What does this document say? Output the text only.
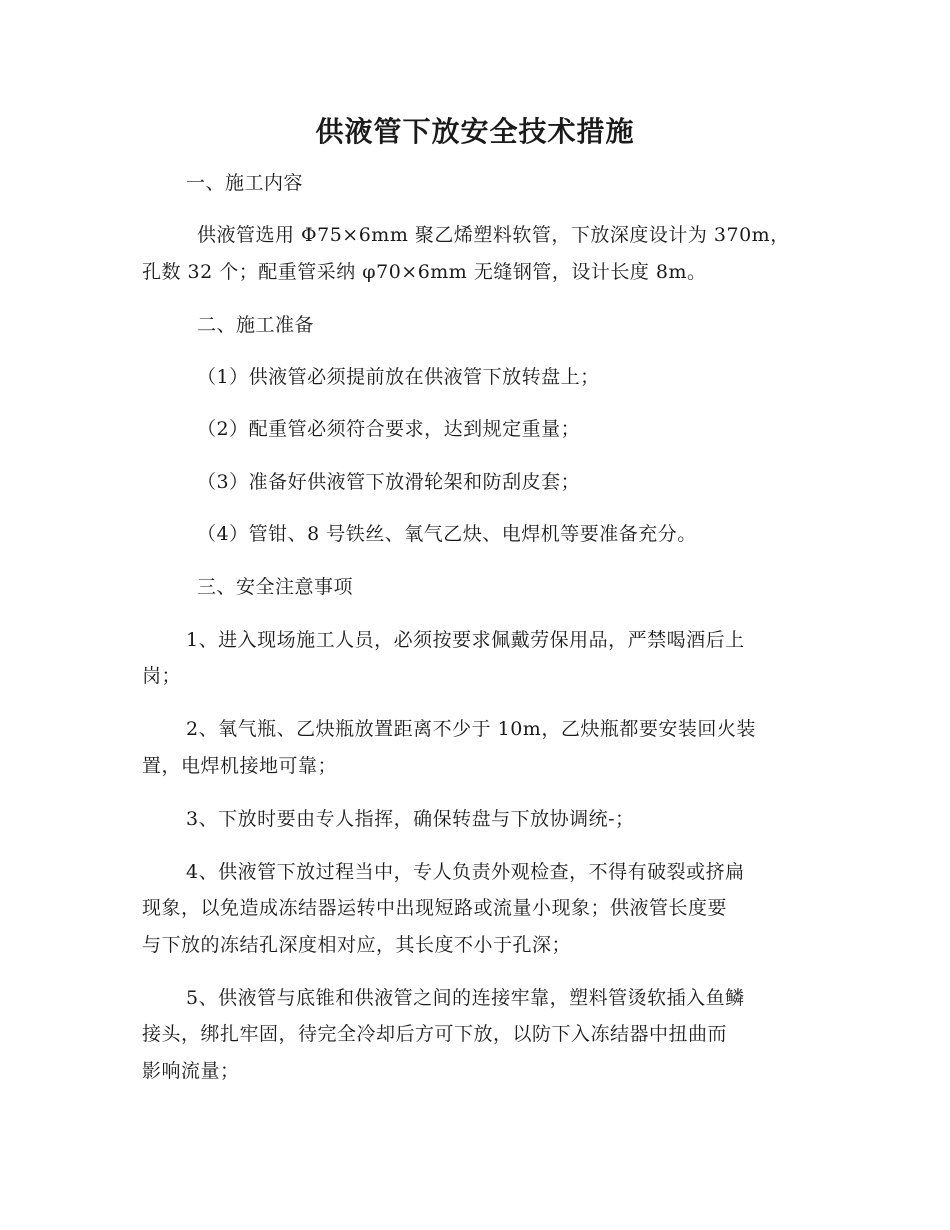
供液管下放安全技术措施
一、施工内容
供液管选用 Φ75×6mm 聚乙烯塑料软管，下放深度设计为 370m，
孔数 32 个；配重管采纳 φ70×6mm 无缝钢管，设计长度 8m。
二、施工准备
（1）供液管必须提前放在供液管下放转盘上；
（2）配重管必须符合要求，达到规定重量；
（3）准备好供液管下放滑轮架和防刮皮套；
（4）管钳、8 号铁丝、氧气乙炔、电焊机等要准备充分。
三、安全注意事项
1、进入现场施工人员，必须按要求佩戴劳保用品，严禁喝酒后上
岗；
2、氧气瓶、乙炔瓶放置距离不少于 10m，乙炔瓶都要安装回火装
置，电焊机接地可靠；
3、下放时要由专人指挥，确保转盘与下放协调统-；
4、供液管下放过程当中，专人负责外观检查，不得有破裂或挤扁
现象，以免造成冻结器运转中出现短路或流量小现象；供液管长度要
与下放的冻结孔深度相对应，其长度不小于孔深；
5、供液管与底锥和供液管之间的连接牢靠，塑料管烫软插入鱼鳞
接头，绑扎牢固，待完全冷却后方可下放，以防下入冻结器中扭曲而
影响流量；
